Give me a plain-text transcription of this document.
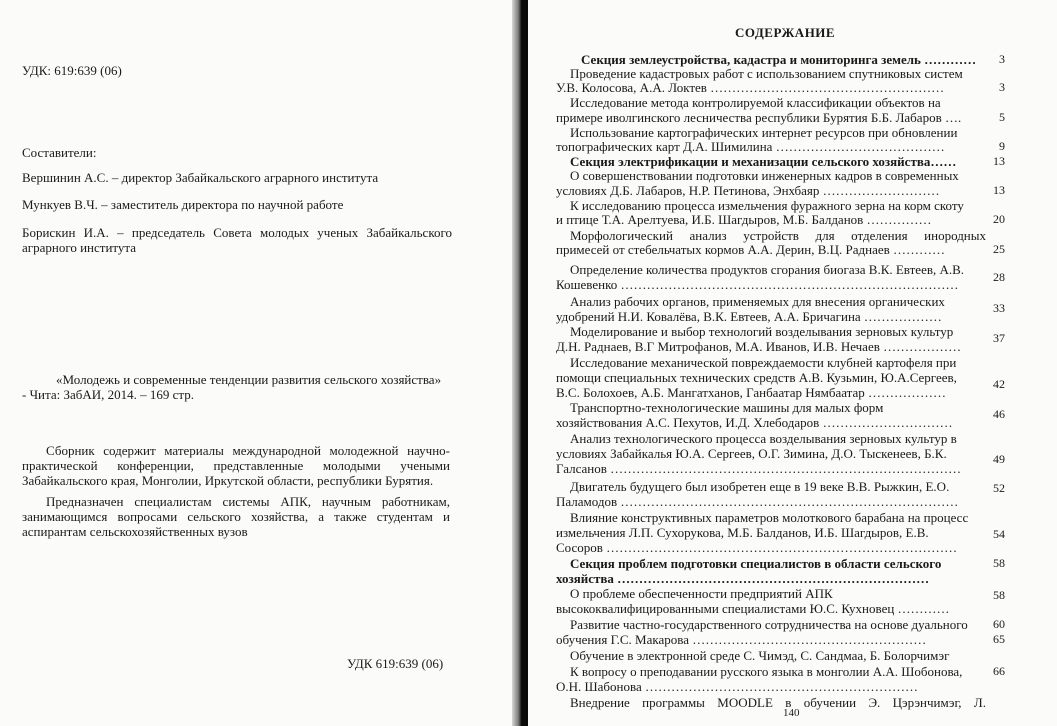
УДК: 619:639 (06)
Составители:
Вершинин А.С. – директор Забайкальского аграрного института
Мункуев В.Ч. – заместитель директора по научной работе
Борискин И.А. – председатель Совета молодых ученых Забайкальского
аграрного института
«Молодежь и современные тенденции развития сельского хозяйства»
- Чита: ЗабАИ, 2014. – 169 стр.
Сборник содержит материалы международной молодежной научно-
практической конференции, представленные молодыми учеными
Забайкальского края, Монголии, Иркутской области, республики Бурятия.
Предназначен специалистам системы АПК, научным работникам,
занимающимся вопросами сельского хозяйства, а также студентам и
аспирантам сельскохозяйственных вузов
УДК 619:639 (06)
СОДЕРЖАНИЕ
Секция землеустройства, кадастра и мониторинга земель …………
Проведение кадастровых работ с использованием спутниковых систем
У.В. Колосова, А.А. Локтев ………………………………………………
Исследование метода контролируемой классификации объектов на
примере иволгинского лесничества республики Бурятия Б.Б. Лабаров ….
Использование картографических интернет ресурсов при обновлении
топографических карт Д.А. Шимилина …………………………………
Секция электрификации и механизации сельского хозяйства……
О совершенствовании подготовки инженерных кадров в современных
условиях Д.Б. Лабаров, Н.Р. Петинова, Энхбаяр ………………………
К исследованию процесса измельчения фуражного зерна на корм скоту
и птице Т.А. Арелтуева, И.Б. Шагдыров, М.Б. Балданов ……………
Морфологический анализ устройств для отделения инородных
примесей от стебельчатых кормов А.А. Дерин, В.Ц. Раднаев …………
Определение количества продуктов сгорания биогаза В.К. Евтеев, А.В.
Кошевенко ……………………………………………………………………
Анализ рабочих органов, применяемых для внесения органических
удобрений Н.И. Ковалёва, В.К. Евтеев, А.А. Бричагина ………………
Моделирование и выбор технологий возделывания зерновых культур
Д.Н. Раднаев, В.Г Митрофанов, М.А. Иванов, И.В. Нечаев ………………
Исследование механической повреждаемости клубней картофеля при
помощи специальных технических средств А.В. Кузьмин, Ю.А.Сергеев,
В.С. Болохоев, А.Б. Мангатханов, Ганбаатар Нямбаатар ………………
Транспортно-технологические машины для малых форм
хозяйствования А.С. Пехутов, И.Д. Хлебодаров …………………………
Анализ технологического процесса возделывания зерновых культур в
условиях Забайкалья Ю.А. Сергеев, О.Г. Зимина, Д.О. Тыскенеев, Б.К.
Галсанов ………………………………………………………………………
Двигатель будущего был изобретен еще в 19 веке В.В. Рыжкин, Е.О.
Паламодов ……………………………………………………………………
Влияние конструктивных параметров молоткового барабана на процесс
измельчения Л.П. Сухорукова, М.Б. Балданов, И.Б. Шагдыров, Е.В.
Сосоров ………………………………………………………………………
Секция проблем подготовки специалистов в области сельского
хозяйства ………………………………………………………………
О проблеме обеспеченности предприятий АПК
высококвалифицированными специалистами Ю.С. Кухновец …………
Развитие частно-государственного сотрудничества на основе дуального
обучения Г.С. Макарова ………………………………………………
Обучение в электронной среде С. Чимэд, С. Сандмаа, Б. Болорчимэг
К вопросу о преподавании русского языка в монголии А.А. Шобонова,
О.Н. Шабонова ………………………………………………………
Внедрение программы MOODLE в обучении Э. Цэрэнчимэг, Л.
3
3
5
9
13
13
20
25
28
33
37
42
46
49
52
54
58
58
60
65
66
140
